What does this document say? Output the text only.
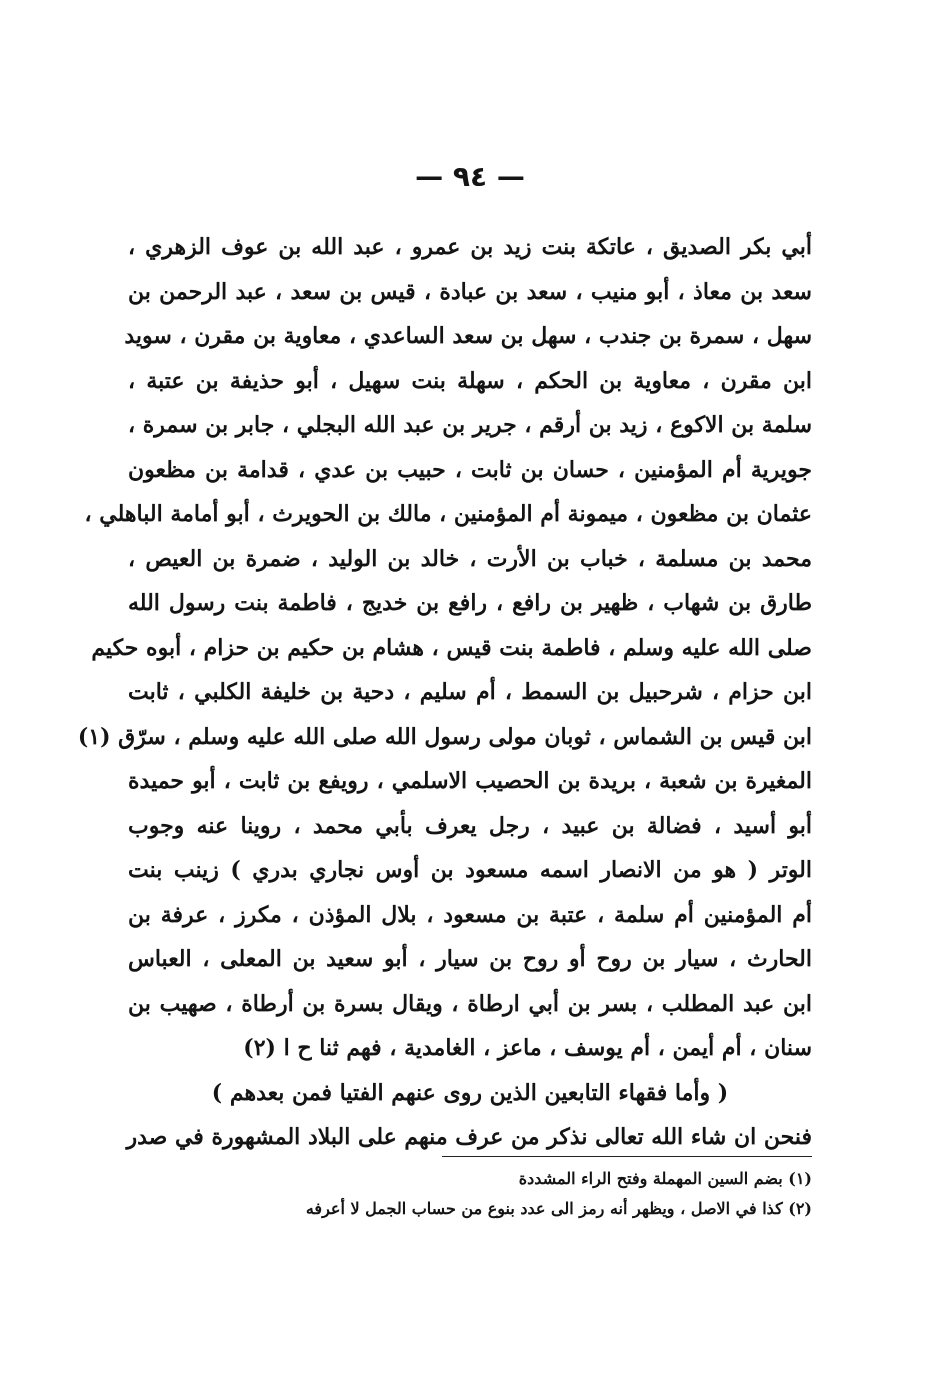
— ٩٤ —
أبي بكر الصديق ، عاتكة بنت زيد بن عمرو ، عبد الله بن عوف الزهري ،
سعد بن معاذ ، أبو منيب ، سعد بن عبادة ، قيس بن سعد ، عبد الرحمن بن
سهل ، سمرة بن جندب ، سهل بن سعد الساعدي ، معاوية بن مقرن ، سويد
ابن مقرن ، معاوية بن الحكم ، سهلة بنت سهيل ، أبو حذيفة بن عتبة ،
سلمة بن الاكوع ، زيد بن أرقم ، جرير بن عبد الله البجلي ، جابر بن سمرة ،
جويرية أم المؤمنين ، حسان بن ثابت ، حبيب بن عدي ، قدامة بن مظعون
عثمان بن مظعون ، ميمونة أم المؤمنين ، مالك بن الحويرث ، أبو أمامة الباهلي ،
محمد بن مسلمة ، خباب بن الأرت ، خالد بن الوليد ، ضمرة بن العيص ،
طارق بن شهاب ، ظهير بن رافع ، رافع بن خديج ، فاطمة بنت رسول الله
صلى الله عليه وسلم ، فاطمة بنت قيس ، هشام بن حكيم بن حزام ، أبوه حكيم
ابن حزام ، شرحبيل بن السمط ، أم سليم ، دحية بن خليفة الكلبي ، ثابت
ابن قيس بن الشماس ، ثوبان مولى رسول الله صلى الله عليه وسلم ، سرّق (١)
المغيرة بن شعبة ، بريدة بن الحصيب الاسلمي ، رويفع بن ثابت ، أبو حميدة
أبو أسيد ، فضالة بن عبيد ، رجل يعرف بأبي محمد ، روينا عنه وجوب
الوتر ( هو من الانصار اسمه مسعود بن أوس نجاري بدري ) زينب بنت
أم المؤمنين أم سلمة ، عتبة بن مسعود ، بلال المؤذن ، مكرز ، عرفة بن
الحارث ، سيار بن روح أو روح بن سيار ، أبو سعيد بن المعلى ، العباس
ابن عبد المطلب ، بسر بن أبي ارطاة ، ويقال بسرة بن أرطاة ، صهيب بن
سنان ، أم أيمن ، أم يوسف ، ماعز ، الغامدية ، فهم ثنا ح ا (٢)
( وأما فقهاء التابعين الذين روى عنهم الفتيا فمن بعدهم )
فنحن ان شاء الله تعالى نذكر من عرف منهم على البلاد المشهورة في صدر
(١) بضم السين المهملة وفتح الراء المشددة
(٢) كذا في الاصل ، ويظهر أنه رمز الى عدد بنوع من حساب الجمل لا أعرفه
